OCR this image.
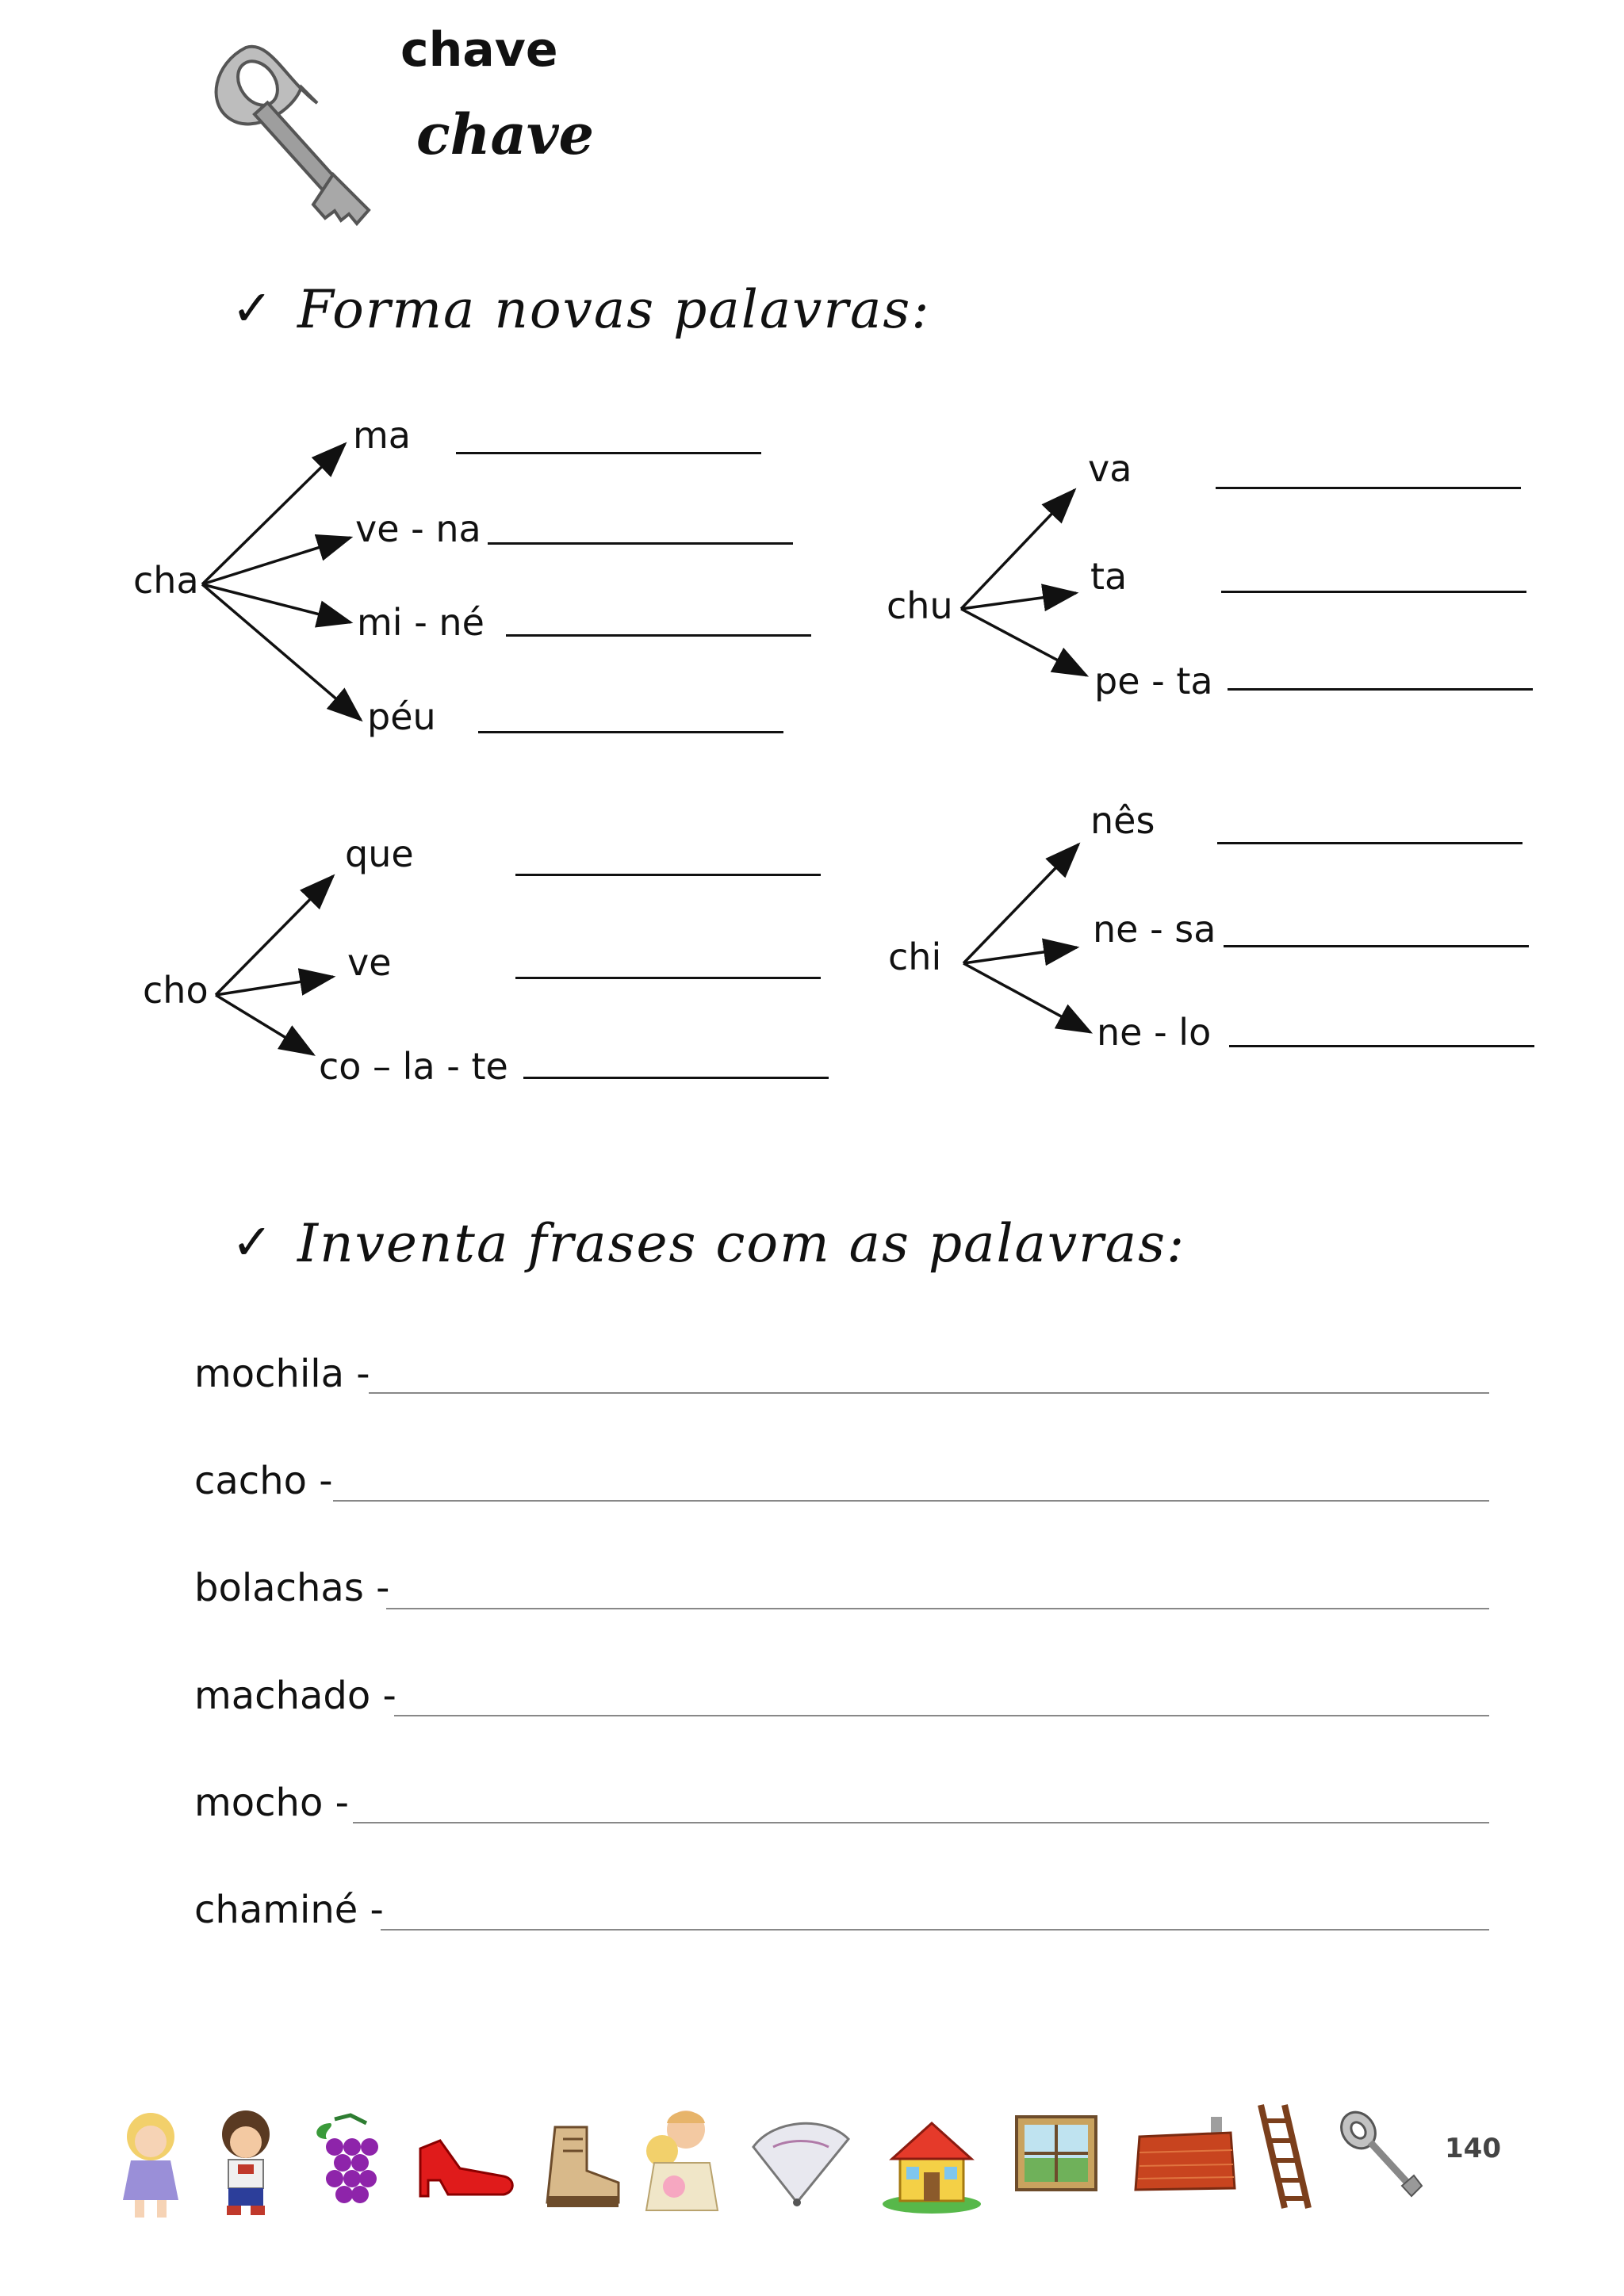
chave
chave
✓ Forma novas palavras:
cha
ma
ve - na
mi - né
péu
chu
va
ta
pe - ta
cho
que
ve
co – la - te
chi
nês
ne - sa
ne - lo
✓ Inventa frases com as palavras:
mochila -
cacho -
bolachas -
machado -
mocho -
chaminé -
140
